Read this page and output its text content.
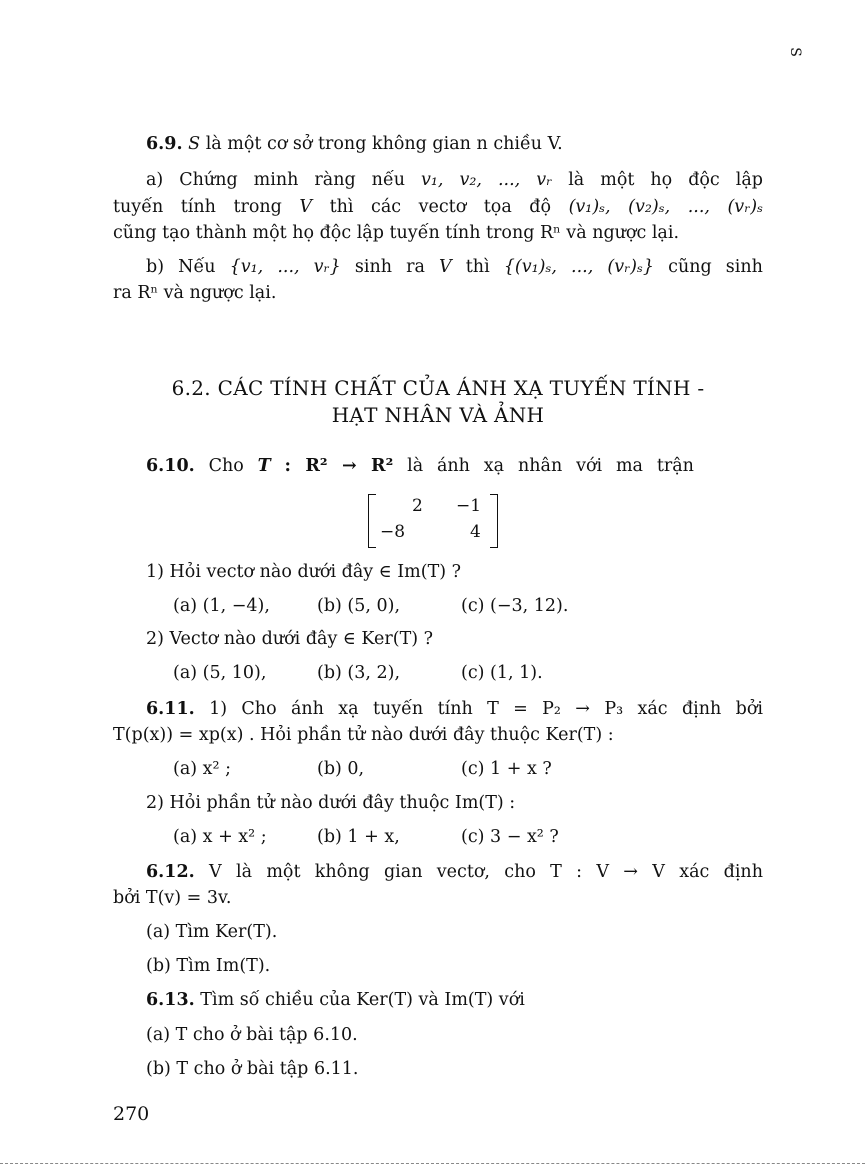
S
6.9. S là một cơ sở trong không gian n chiều V.
a) Chứng minh ràng nếu v₁, v₂, ..., vᵣ là một họ độc lập
tuyến tính trong V thì các vectơ tọa độ (v₁)ₛ, (v₂)ₛ, ..., (vᵣ)ₛ
cũng tạo thành một họ độc lập tuyến tính trong Rⁿ và ngược lại.
b) Nếu {v₁, ..., vᵣ} sinh ra V thì {(v₁)ₛ, ..., (vᵣ)ₛ} cũng sinh
ra Rⁿ và ngược lại.
6.2. CÁC TÍNH CHẤT CỦA ÁNH XẠ TUYẾN TÍNH -
HẠT NHÂN VÀ ẢNH
6.10. Cho T : R² → R² là ánh xạ nhân với ma trận
2 −1
−8	4
1) Hỏi vectơ nào dưới đây ∈ Im(T) ?
(a) (1, −4),	(b) (5, 0),	(c) (−3, 12).
2) Vectơ nào dưới đây ∈ Ker(T) ?
(a) (5, 10),	(b) (3, 2),	(c) (1, 1).
6.11. 1) Cho ánh xạ tuyến tính T = P₂ → P₃ xác định bởi
T(p(x)) = xp(x) . Hỏi phần tử nào dưới đây thuộc Ker(T) :
(a) x² ;	(b) 0,	(c) 1 + x ?
2) Hỏi phần tử nào dưới đây thuộc Im(T) :
(a) x + x² ;	(b) 1 + x,	(c) 3 − x² ?
6.12. V là một không gian vectơ, cho T : V → V xác định
bởi T(v) = 3v.
(a) Tìm Ker(T).
(b) Tìm Im(T).
6.13. Tìm số chiều của Ker(T) và Im(T) với
(a) T cho ở bài tập 6.10.
(b) T cho ở bài tập 6.11.
270
